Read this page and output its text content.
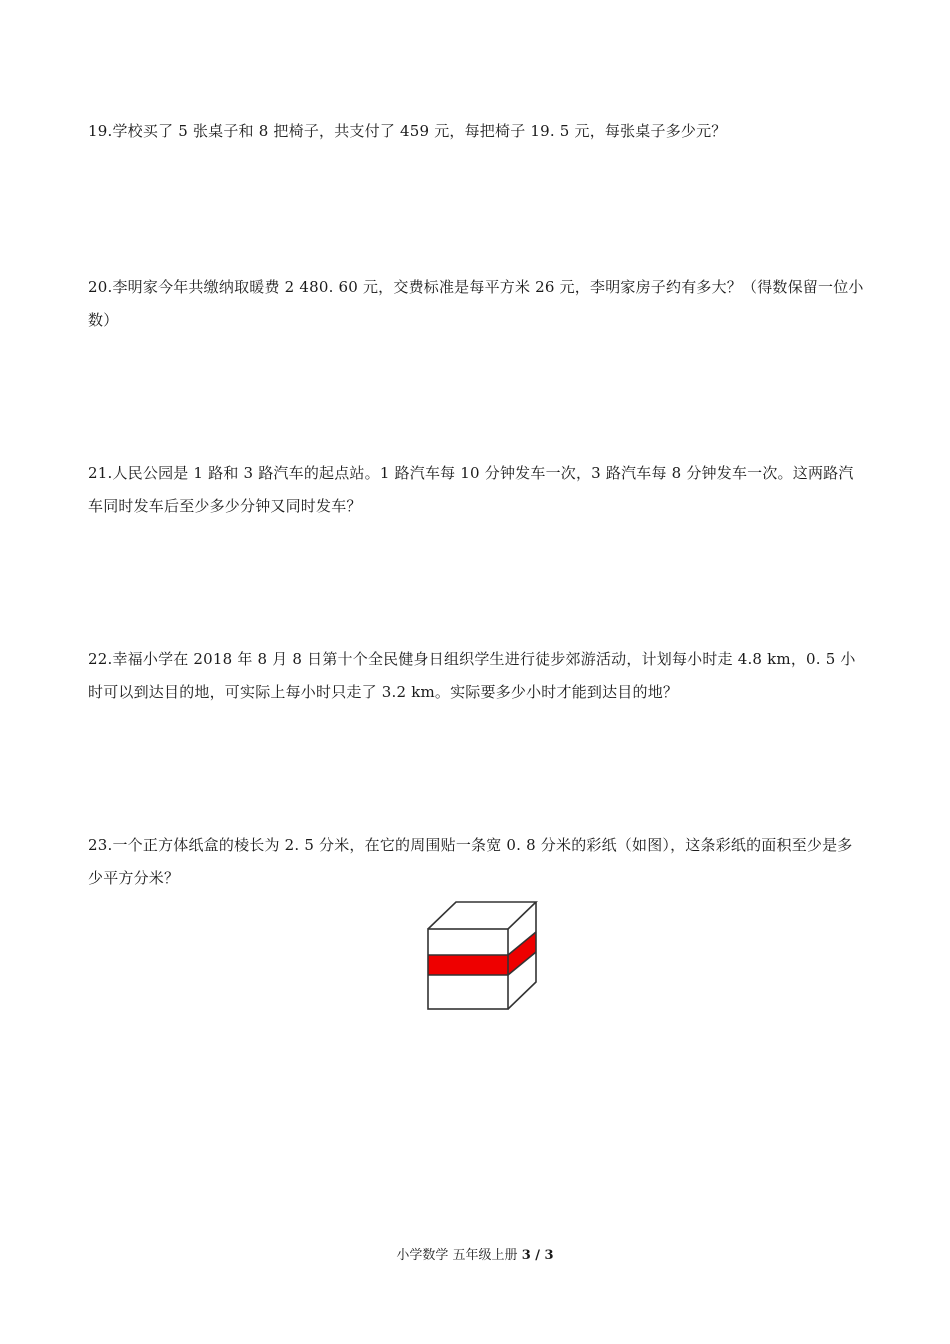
19.学校买了 5 张桌子和 8 把椅子，共支付了 459 元，每把椅子 19. 5 元，每张桌子多少元？

20.李明家今年共缴纳取暖费 2 480. 60 元，交费标准是每平方米 26 元，李明家房子约有多大？（得数保留一位小数）

21.人民公园是 1 路和 3 路汽车的起点站。1 路汽车每 10 分钟发车一次，3 路汽车每 8 分钟发车一次。这两路汽车同时发车后至少多少分钟又同时发车？

22.幸福小学在 2018 年 8 月 8 日第十个全民健身日组织学生进行徒步郊游活动，计划每小时走 4.8 km，0. 5 小时可以到达目的地，可实际上每小时只走了 3.2 km。实际要多少小时才能到达目的地？

23.一个正方体纸盒的棱长为 2. 5 分米，在它的周围贴一条宽 0. 8 分米的彩纸（如图），这条彩纸的面积至少是多少平方分米？

小学数学 五年级上册 3 / 3
